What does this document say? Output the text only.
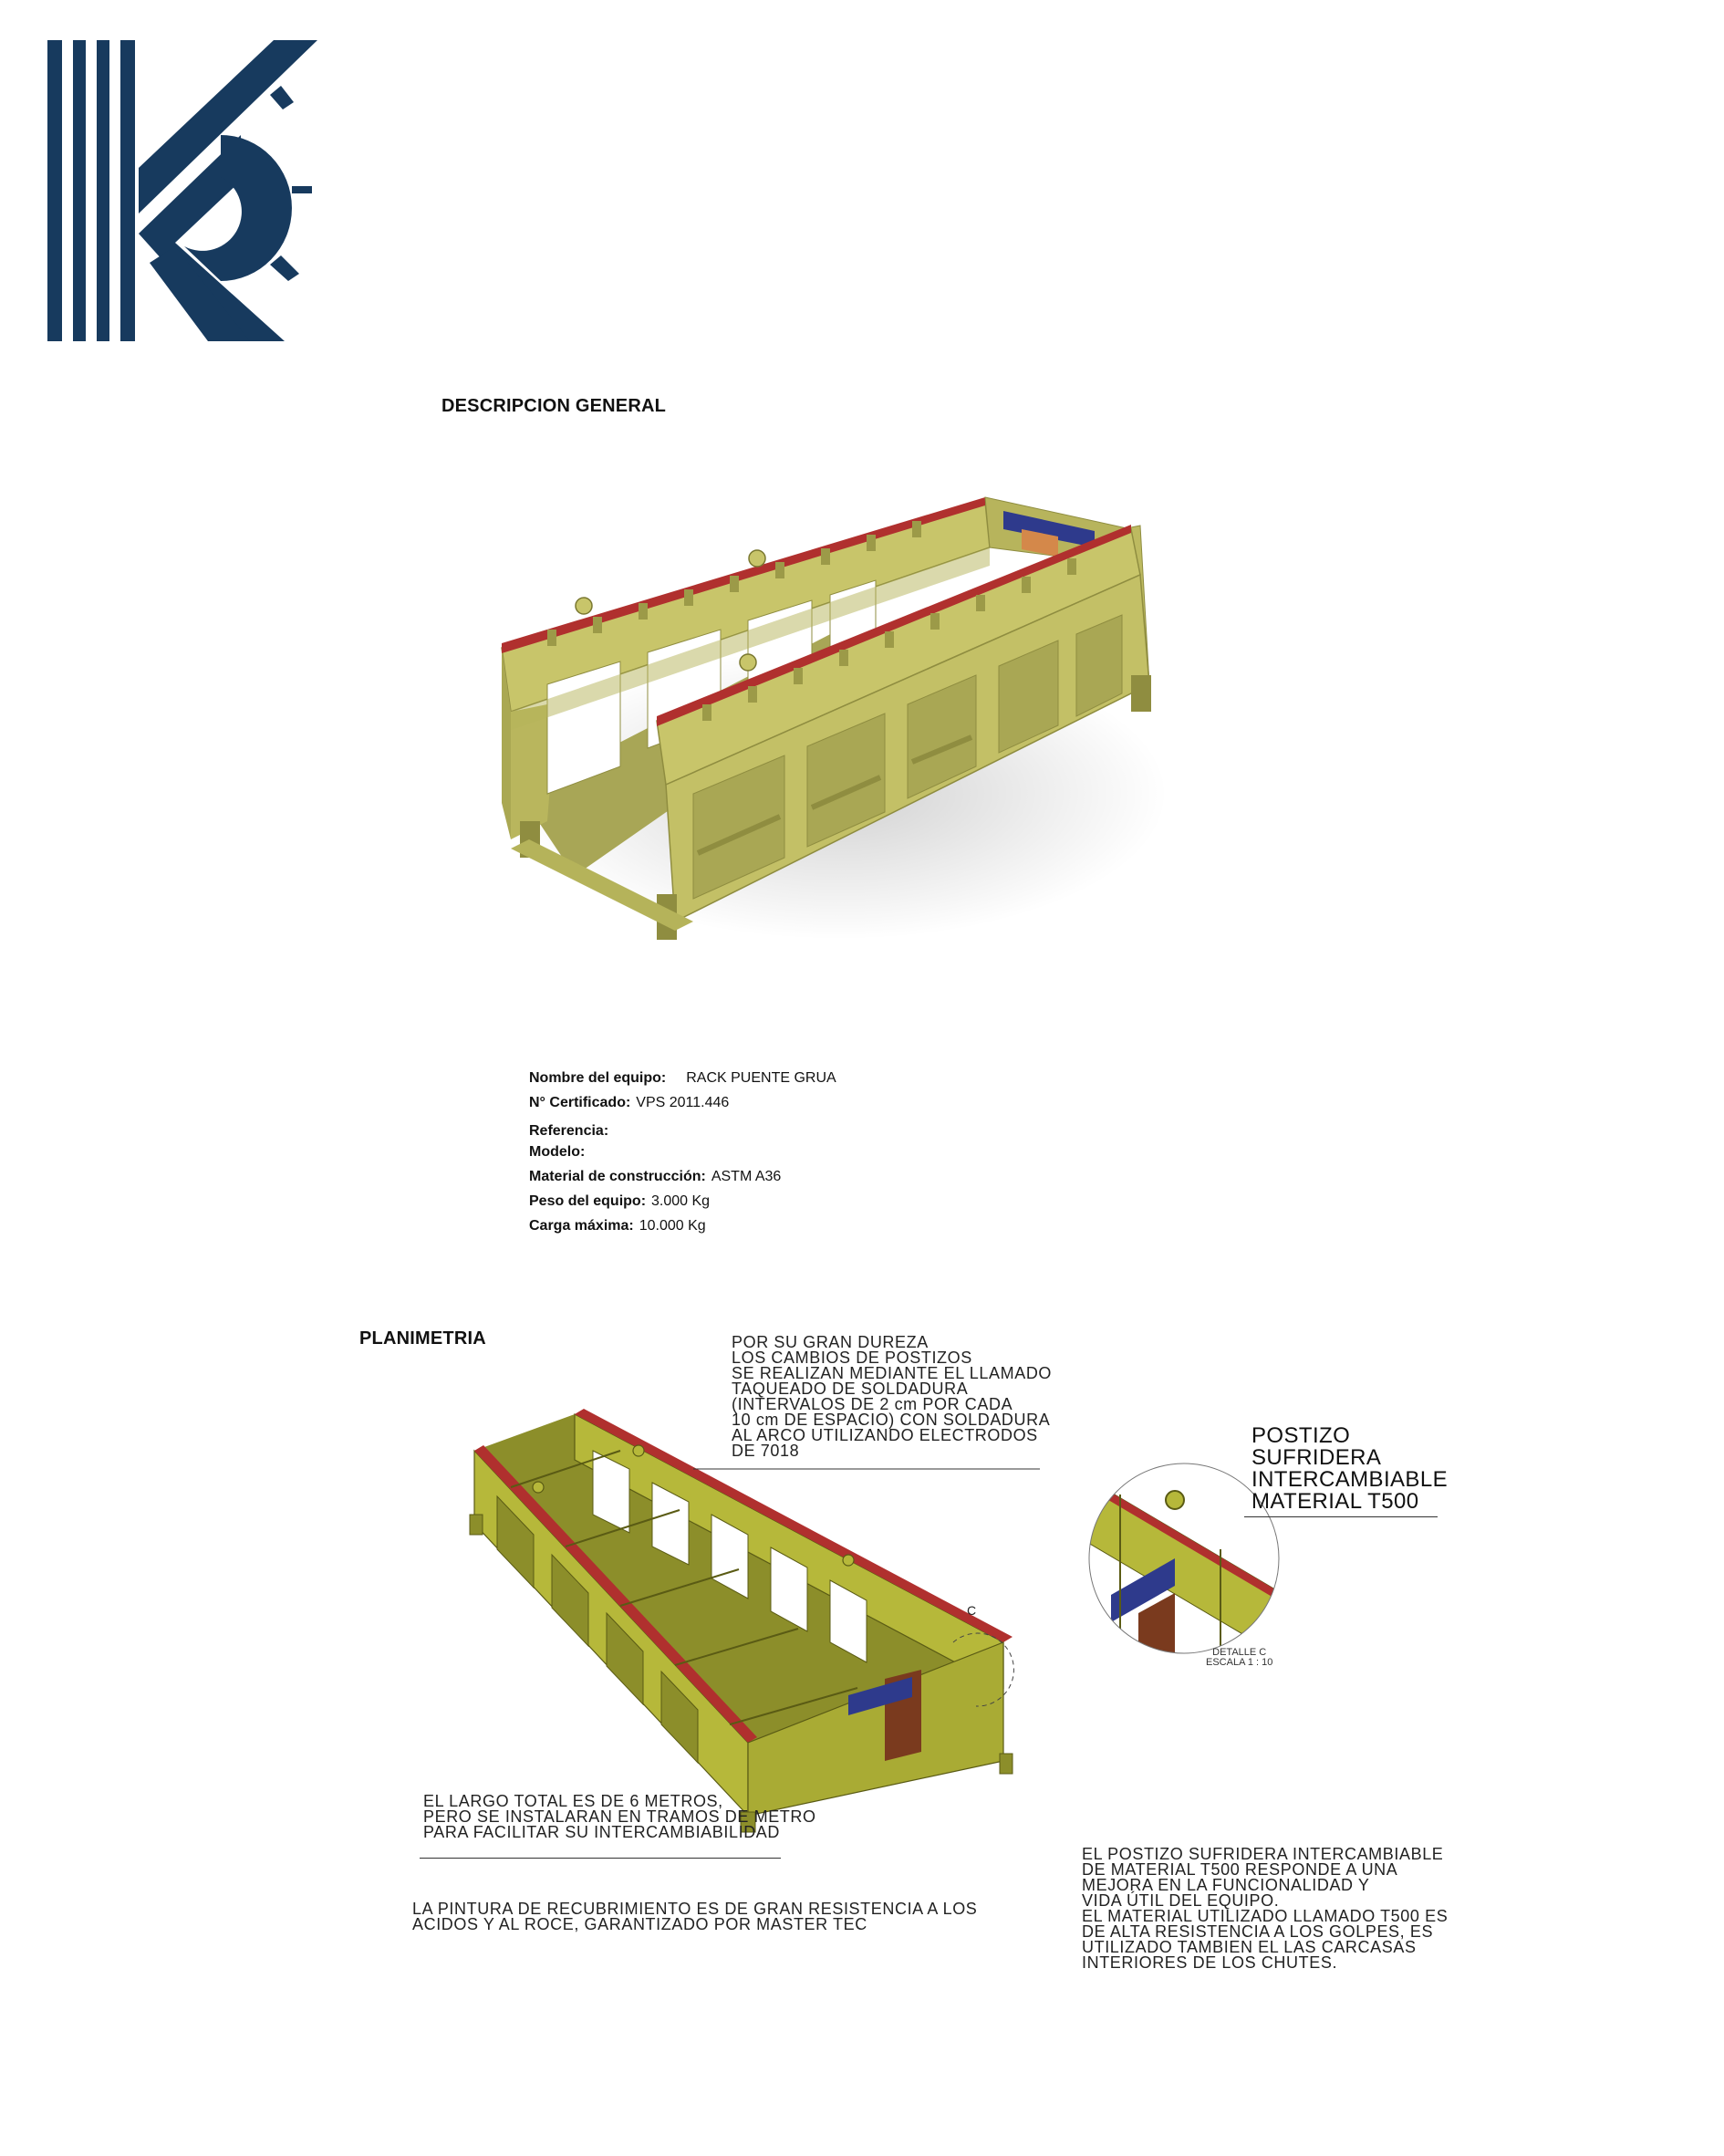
DESCRIPCION GENERAL
Nombre del equipo: RACK PUENTE GRUA
N° Certificado: VPS 2011.446
Referencia:
Modelo:
Material de construcción: ASTM A36
Peso del equipo: 3.000 Kg
Carga máxima: 10.000 Kg
PLANIMETRIA
C
POR SU GRAN DUREZA
LOS CAMBIOS DE POSTIZOS
SE REALIZAN MEDIANTE EL LLAMADO
TAQUEADO DE SOLDADURA
(INTERVALOS DE 2 cm POR CADA
10 cm DE ESPACIO) CON SOLDADURA
AL ARCO UTILIZANDO ELECTRODOS
DE 7018
POSTIZO
SUFRIDERA
INTERCAMBIABLE
MATERIAL T500
DETALLE C
ESCALA 1 : 10
EL LARGO TOTAL ES DE 6 METROS,
PERO SE INSTALARAN EN TRAMOS DE METRO
PARA FACILITAR SU INTERCAMBIABILIDAD
LA PINTURA DE RECUBRIMIENTO ES DE GRAN RESISTENCIA A LOS
ACIDOS Y AL ROCE, GARANTIZADO POR MASTER TEC
EL POSTIZO SUFRIDERA INTERCAMBIABLE
DE MATERIAL T500 RESPONDE A UNA
MEJORA EN LA FUNCIONALIDAD Y
VIDA ÚTIL DEL EQUIPO.
EL MATERIAL UTILIZADO LLAMADO T500 ES
DE ALTA RESISTENCIA A LOS GOLPES, ES
UTILIZADO TAMBIEN EL LAS CARCASAS
INTERIORES DE LOS CHUTES.
